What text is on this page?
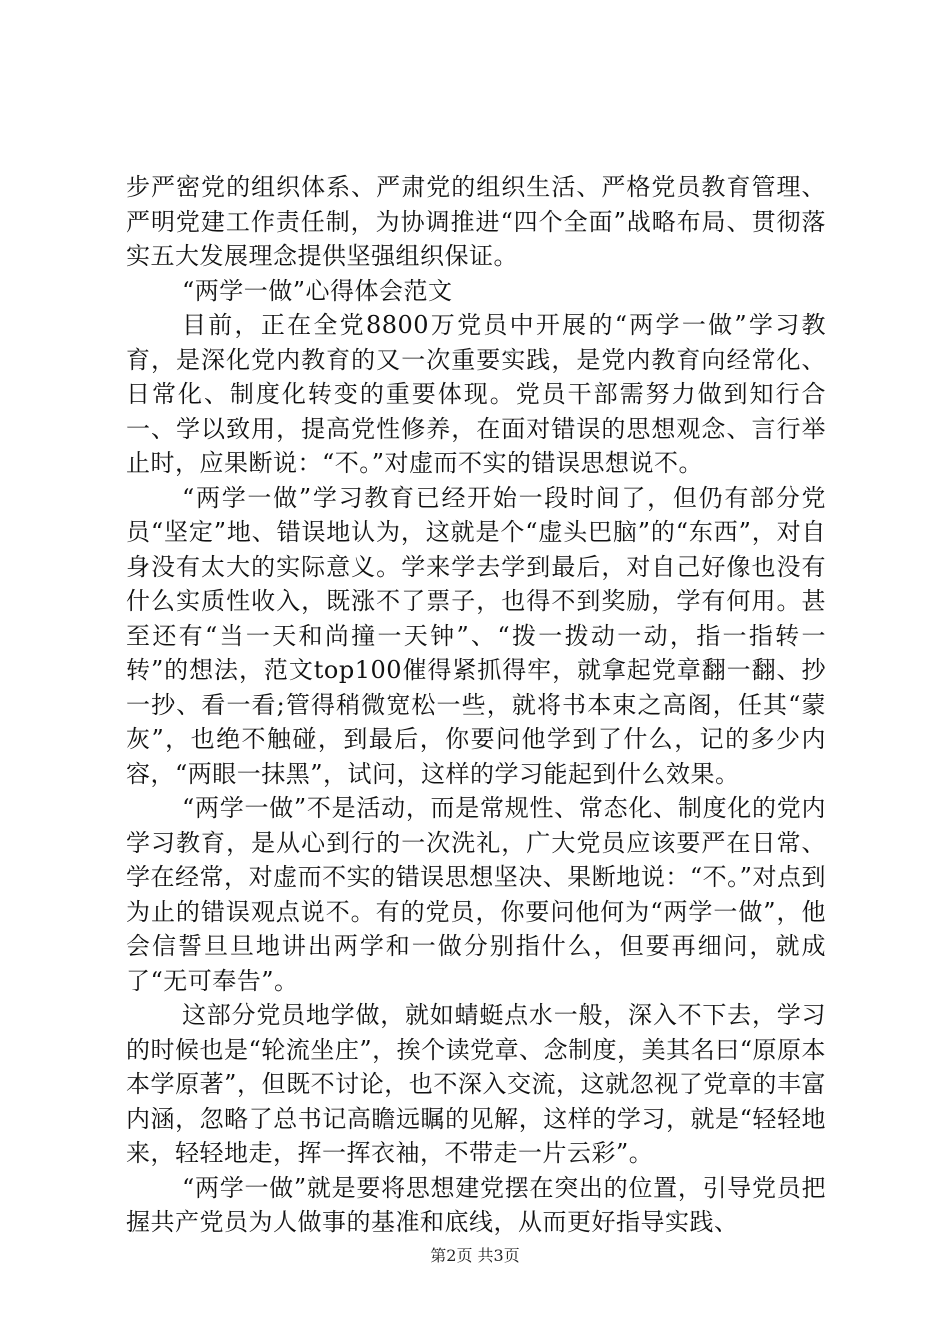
步严密党的组织体系、严肃党的组织生活、严格党员教育管理、严明党建工作责任制，为协调推进“四个全面”战略布局、贯彻落实五大发展理念提供坚强组织保证。

“两学一做”心得体会范文

目前，正在全党8800万党员中开展的“两学一做”学习教育，是深化党内教育的又一次重要实践，是党内教育向经常化、日常化、制度化转变的重要体现。党员干部需努力做到知行合一、学以致用，提高党性修养，在面对错误的思想观念、言行举止时，应果断说：“不。”对虚而不实的错误思想说不。

“两学一做”学习教育已经开始一段时间了，但仍有部分党员“坚定”地、错误地认为，这就是个“虚头巴脑”的“东西”，对自身没有太大的实际意义。学来学去学到最后，对自己好像也没有什么实质性收入，既涨不了票子，也得不到奖励，学有何用。甚至还有“当一天和尚撞一天钟”、“拨一拨动一动，指一指转一转”的想法，范文top100催得紧抓得牢，就拿起党章翻一翻、抄一抄、看一看;管得稍微宽松一些，就将书本束之高阁，任其“蒙灰”，也绝不触碰，到最后，你要问他学到了什么，记的多少内容，“两眼一抹黑”，试问，这样的学习能起到什么效果。

“两学一做”不是活动，而是常规性、常态化、制度化的党内学习教育，是从心到行的一次洗礼，广大党员应该要严在日常、学在经常，对虚而不实的错误思想坚决、果断地说：“不。”对点到为止的错误观点说不。有的党员，你要问他何为“两学一做”，他会信誓旦旦地讲出两学和一做分别指什么，但要再细问，就成了“无可奉告”。

这部分党员地学做，就如蜻蜓点水一般，深入不下去，学习的时候也是“轮流坐庄”，挨个读党章、念制度，美其名曰“原原本本学原著”，但既不讨论，也不深入交流，这就忽视了党章的丰富内涵，忽略了总书记高瞻远瞩的见解，这样的学习，就是“轻轻地来，轻轻地走，挥一挥衣袖，不带走一片云彩”。

“两学一做”就是要将思想建党摆在突出的位置，引导党员把握共产党员为人做事的基准和底线，从而更好指导实践、

第2页 共3页
